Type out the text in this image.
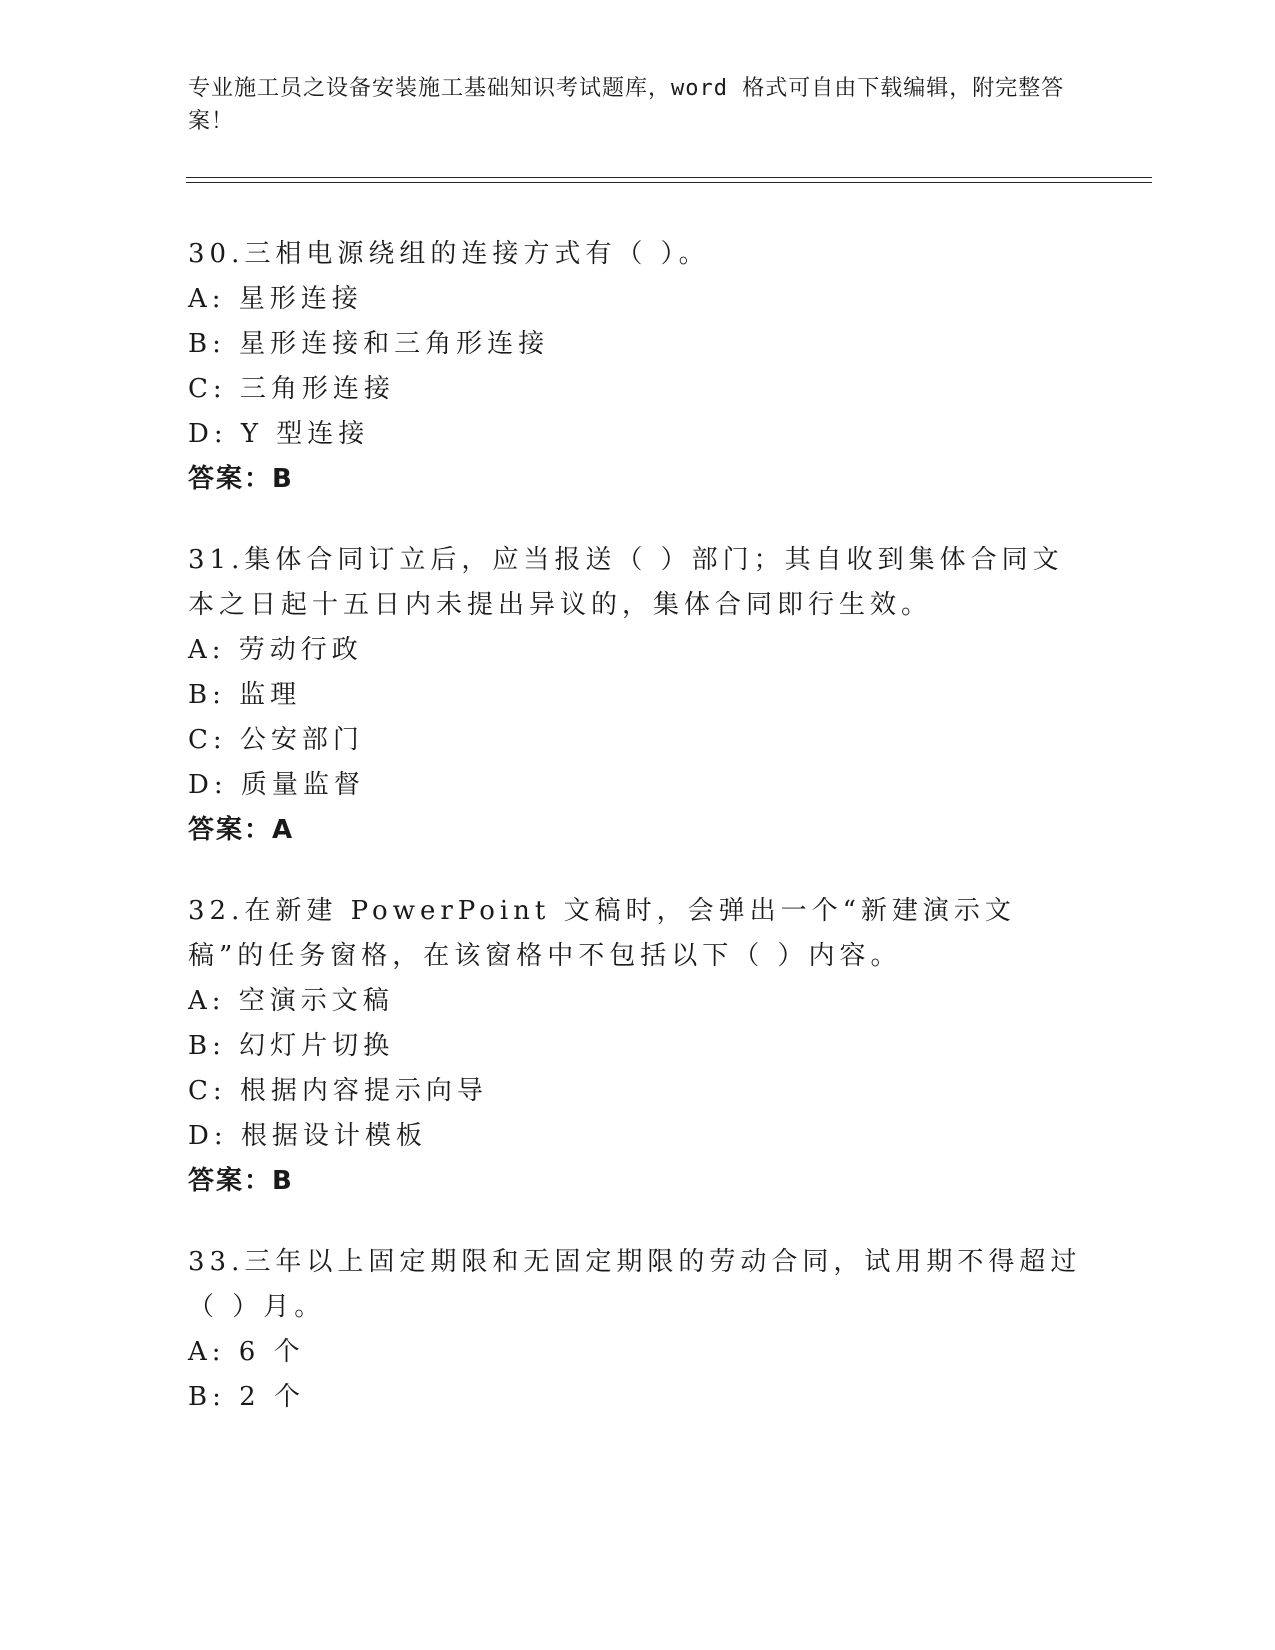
专业施工员之设备安装施工基础知识考试题库，word 格式可自由下载编辑，附完整答案！

30.三相电源绕组的连接方式有（ ）。

A: 星形连接

B: 星形连接和三角形连接

C: 三角形连接

D: Y 型连接

答案：B

31.集体合同订立后，应当报送（ ）部门；其自收到集体合同文本之日起十五日内未提出异议的，集体合同即行生效。

A: 劳动行政

B: 监理

C: 公安部门

D: 质量监督

答案：A

32.在新建 PowerPoint 文稿时，会弹出一个“新建演示文稿”的任务窗格，在该窗格中不包括以下（ ）内容。

A: 空演示文稿

B: 幻灯片切换

C: 根据内容提示向导

D: 根据设计模板

答案：B

33.三年以上固定期限和无固定期限的劳动合同，试用期不得超过（ ）月。

A: 6 个

B: 2 个
